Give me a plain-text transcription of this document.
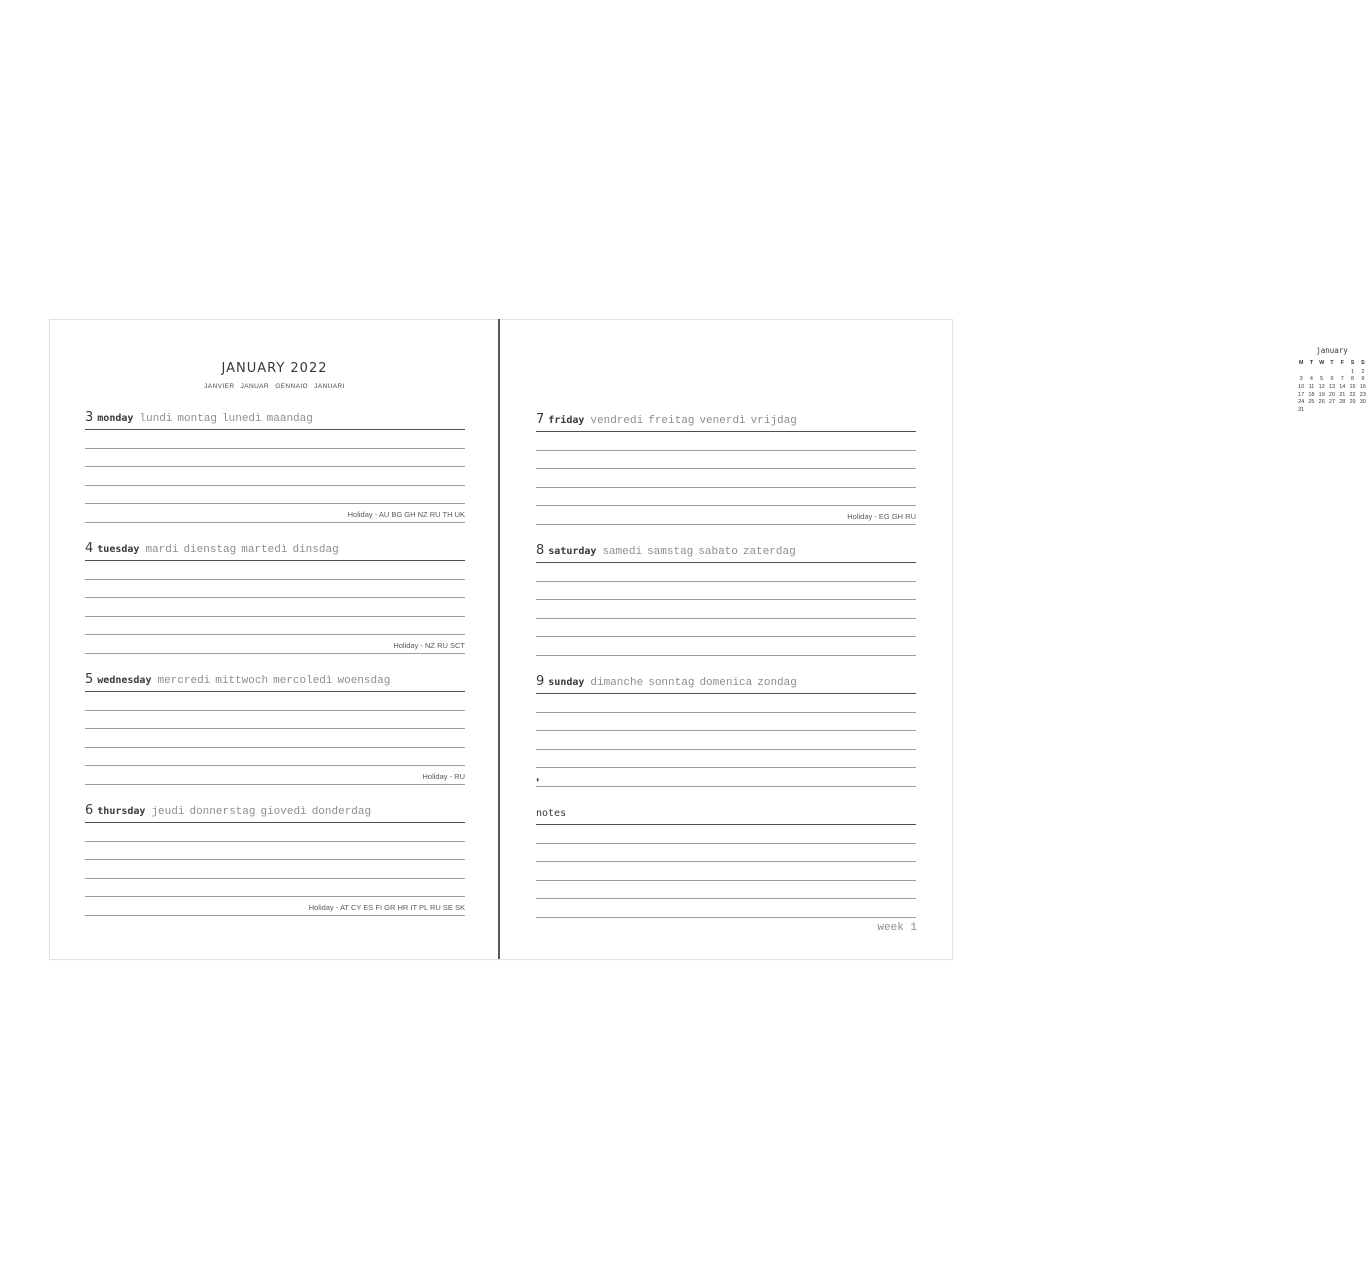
JANUARY 2022
JANVIER JANUAR GENNAIO JANUARI
3 monday lundi montag lunedì maandag
Holiday - AU BG GH NZ RU TH UK
4 tuesday mardi dienstag martedì dinsdag
Holiday - NZ RU SCT
5 wednesday mercredi mittwoch mercoledì woensdag
Holiday - RU
6 thursday jeudi donnerstag giovedì donderdag
Holiday - AT CY ES FI GR HR IT PL RU SE SK
january
M	T	W	T	F	S	S
					1	2
3	4	5	6	7	8	9
10	11	12	13	14	15	16
17	18	19	20	21	22	23
24	25	26	27	28	29	30
31						
7 friday vendredi freitag venerdì vrijdag
Holiday - EG GH RU
8 saturday samedi samstag sabato zaterdag
9 sunday dimanche sonntag domenica zondag
◐
notes
week 1
